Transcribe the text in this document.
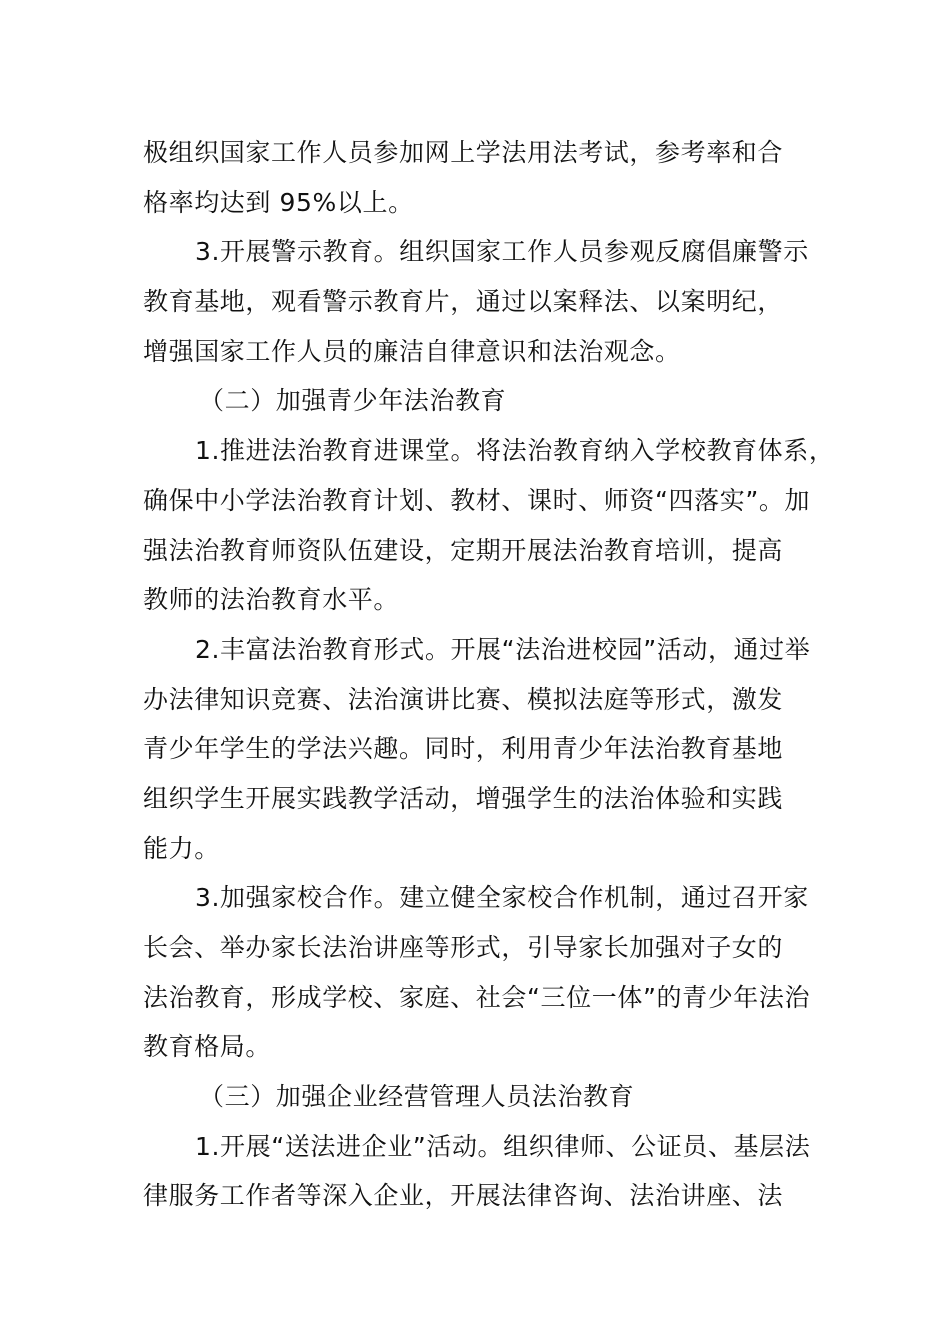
极组织国家工作人员参加网上学法用法考试，参考率和合
格率均达到 95%以上。
3.开展警示教育。组织国家工作人员参观反腐倡廉警示
教育基地，观看警示教育片，通过以案释法、以案明纪，
增强国家工作人员的廉洁自律意识和法治观念。
（二）加强青少年法治教育
1.推进法治教育进课堂。将法治教育纳入学校教育体系，
确保中小学法治教育计划、教材、课时、师资“四落实”。加
强法治教育师资队伍建设，定期开展法治教育培训，提高
教师的法治教育水平。
2.丰富法治教育形式。开展“法治进校园”活动，通过举
办法律知识竞赛、法治演讲比赛、模拟法庭等形式，激发
青少年学生的学法兴趣。同时，利用青少年法治教育基地
组织学生开展实践教学活动，增强学生的法治体验和实践
能力。
3.加强家校合作。建立健全家校合作机制，通过召开家
长会、举办家长法治讲座等形式，引导家长加强对子女的
法治教育，形成学校、家庭、社会“三位一体”的青少年法治
教育格局。
（三）加强企业经营管理人员法治教育
1.开展“送法进企业”活动。组织律师、公证员、基层法
律服务工作者等深入企业，开展法律咨询、法治讲座、法
